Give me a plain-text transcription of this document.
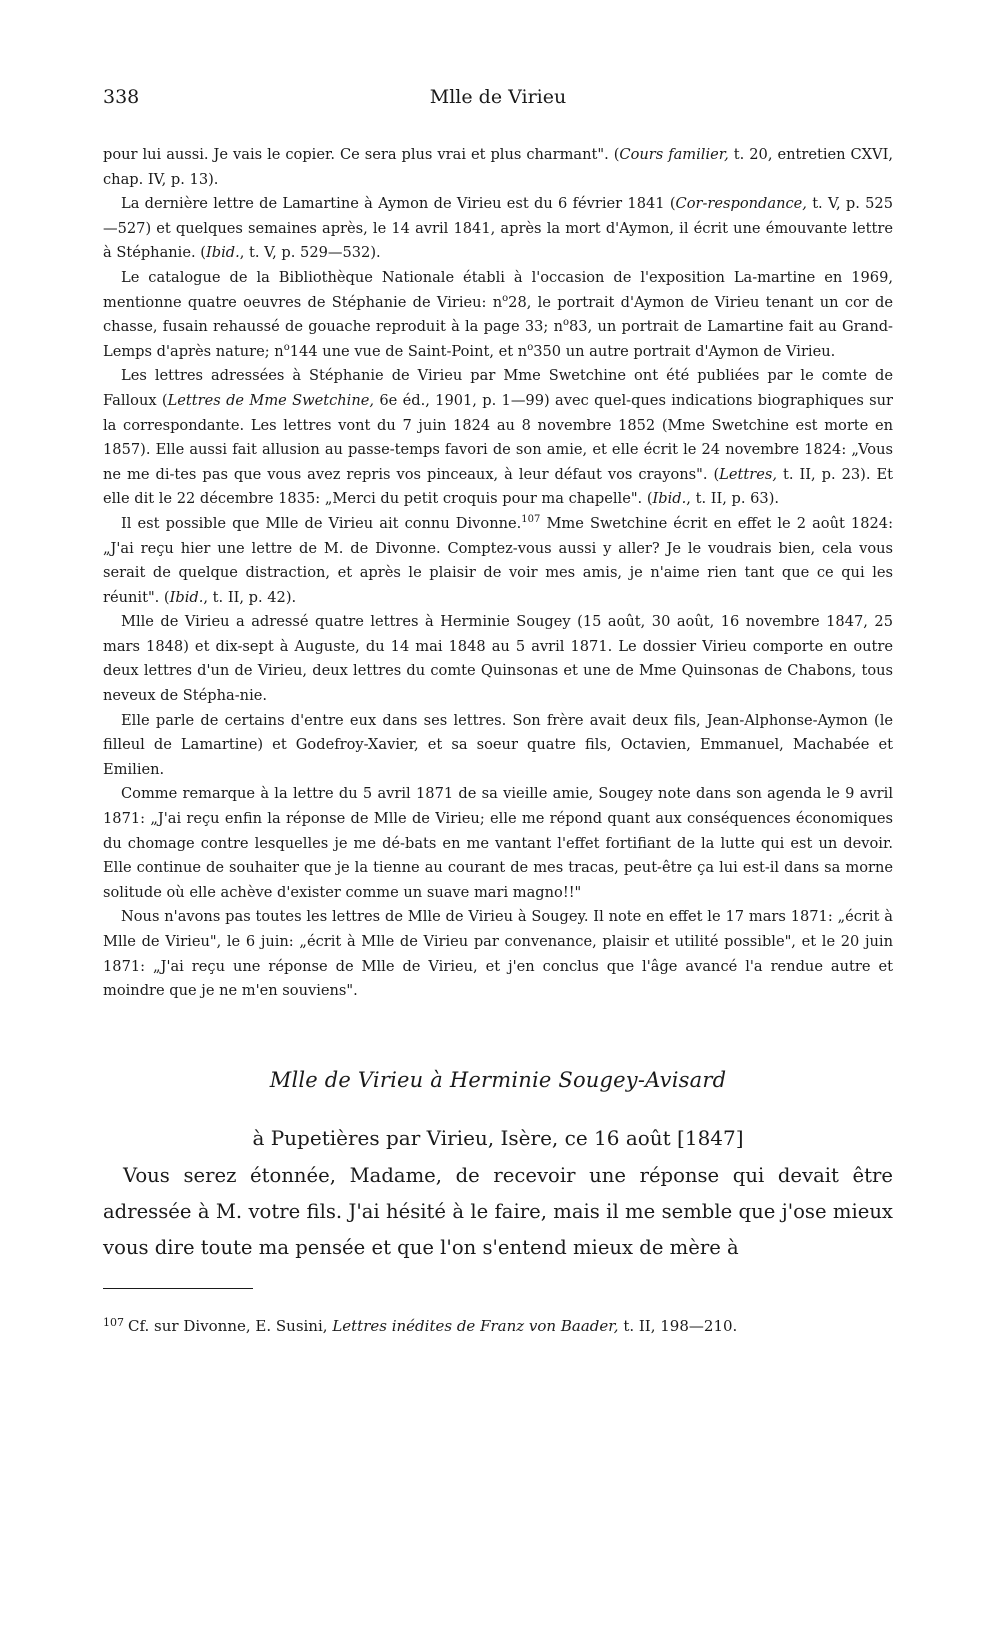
338	Mlle de Virieu

pour lui aussi. Je vais le copier. Ce sera plus vrai et plus charmant". (Cours familier, t. 20, entretien CXVI, chap. IV, p. 13).

La dernière lettre de Lamartine à Aymon de Virieu est du 6 février 1841 (Cor-respondance, t. V, p. 525—527) et quelques semaines après, le 14 avril 1841, après la mort d'Aymon, il écrit une émouvante lettre à Stéphanie. (Ibid., t. V, p. 529—532).

Le catalogue de la Bibliothèque Nationale établi à l'occasion de l'exposition La-martine en 1969, mentionne quatre oeuvres de Stéphanie de Virieu: $n^o28$, le portrait d'Aymon de Virieu tenant un cor de chasse, fusain rehaussé de gouache reproduit à la page 33; $n^o83$, un portrait de Lamartine fait au Grand-Lemps d'après nature; $n^o144$ une vue de Saint-Point, et $n^o350$ un autre portrait d'Aymon de Virieu.

Les lettres adressées à Stéphanie de Virieu par Mme Swetchine ont été publiées par le comte de Falloux (Lettres de Mme Swetchine, 6e éd., 1901, p. 1—99) avec quel-ques indications biographiques sur la correspondante. Les lettres vont du 7 juin 1824 au 8 novembre 1852 (Mme Swetchine est morte en 1857). Elle aussi fait allusion au passe-temps favori de son amie, et elle écrit le 24 novembre 1824: „Vous ne me di-tes pas que vous avez repris vos pinceaux, à leur défaut vos crayons". (Lettres, t. II, p. 23). Et elle dit le 22 décembre 1835: „Merci du petit croquis pour ma chapelle". (Ibid., t. II, p. 63).

Il est possible que Mlle de Virieu ait connu Divonne.$^{107}$ Mme Swetchine écrit en effet le 2 août 1824: „J'ai reçu hier une lettre de M. de Divonne. Comptez-vous aussi y aller? Je le voudrais bien, cela vous serait de quelque distraction, et après le plaisir de voir mes amis, je n'aime rien tant que ce qui les réunit". (Ibid., t. II, p. 42).

Mlle de Virieu a adressé quatre lettres à Herminie Sougey (15 août, 30 août, 16 novembre 1847, 25 mars 1848) et dix-sept à Auguste, du 14 mai 1848 au 5 avril 1871. Le dossier Virieu comporte en outre deux lettres d'un de Virieu, deux lettres du comte Quinsonas et une de Mme Quinsonas de Chabons, tous neveux de Stépha-nie.

Elle parle de certains d'entre eux dans ses lettres. Son frère avait deux fils, Jean-Alphonse-Aymon (le filleul de Lamartine) et Godefroy-Xavier, et sa soeur quatre fils, Octavien, Emmanuel, Machabée et Emilien.

Comme remarque à la lettre du 5 avril 1871 de sa vieille amie, Sougey note dans son agenda le 9 avril 1871: „J'ai reçu enfin la réponse de Mlle de Virieu; elle me répond quant aux conséquences économiques du chomage contre lesquelles je me dé-bats en me vantant l'effet fortifiant de la lutte qui est un devoir. Elle continue de souhaiter que je la tienne au courant de mes tracas, peut-être ça lui est-il dans sa morne solitude où elle achève d'exister comme un suave mari magno!!"

Nous n'avons pas toutes les lettres de Mlle de Virieu à Sougey. Il note en effet le 17 mars 1871: „écrit à Mlle de Virieu", le 6 juin: „écrit à Mlle de Virieu par convenance, plaisir et utilité possible", et le 20 juin 1871: „J'ai reçu une réponse de Mlle de Virieu, et j'en conclus que l'âge avancé l'a rendue autre et moindre que je ne m'en souviens".

Mlle de Virieu à Herminie Sougey-Avisard
à Pupetières par Virieu, Isère, ce 16 août [1847]

Vous serez étonnée, Madame, de recevoir une réponse qui devait être adressée à M. votre fils. J'ai hésité à le faire, mais il me semble que j'ose mieux vous dire toute ma pensée et que l'on s'entend mieux de mère à

$^{107}$ Cf. sur Divonne, E. Susini, Lettres inédites de Franz von Baader, t. II, 198—210.
